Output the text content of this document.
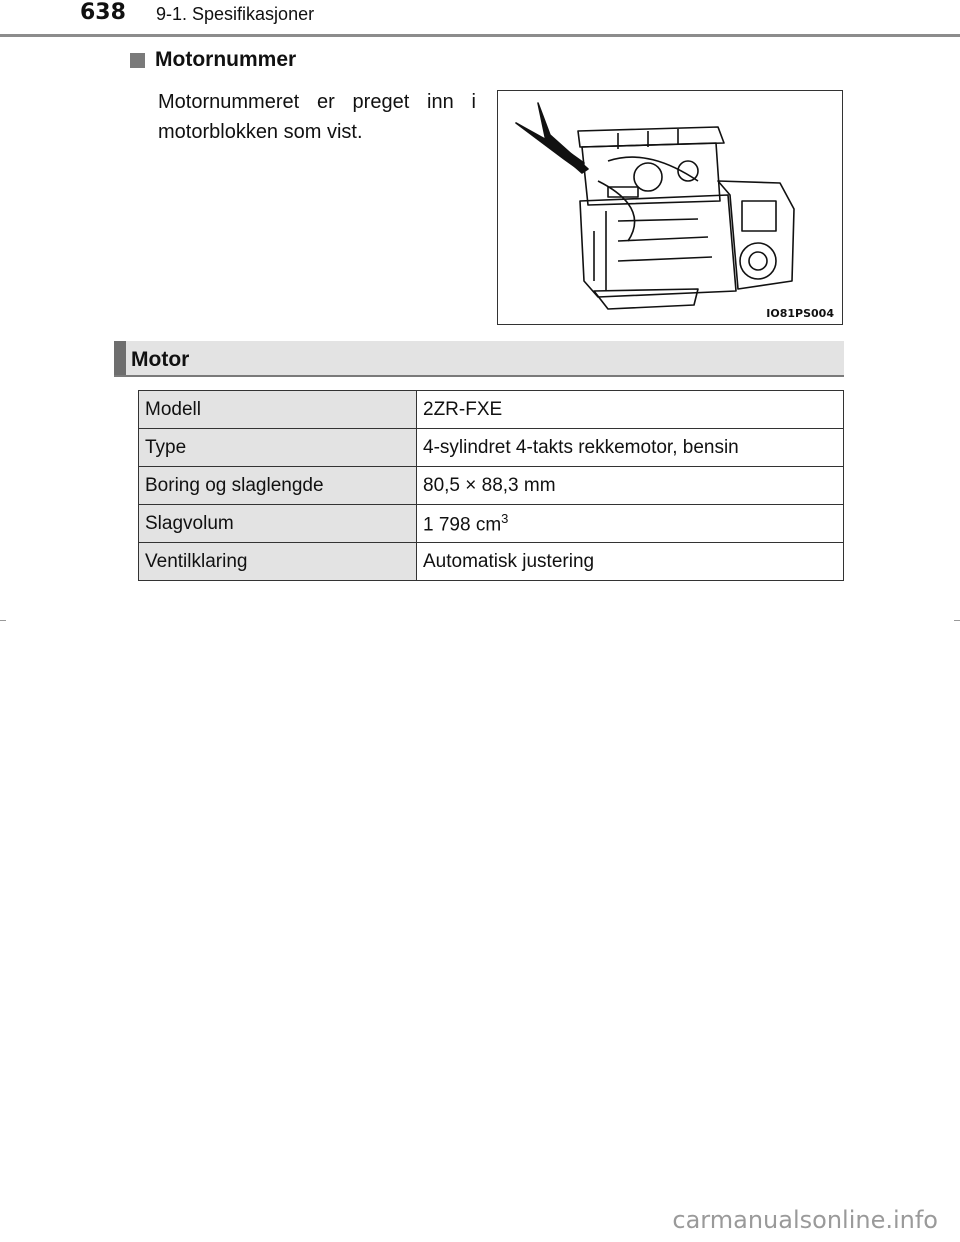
638 9-1. Spesifikasjoner
Motornummer
Motornummeret er preget inn i motorblokken som vist.
IO81PS004
Motor
Modell	2ZR-FXE
Type	4-sylindret 4-takts rekkemotor, bensin
Boring og slaglengde	80,5 × 88,3 mm
Slagvolum	1 798 $cm^3$
Ventilklaring	Automatisk justering
carmanualsonline.info
